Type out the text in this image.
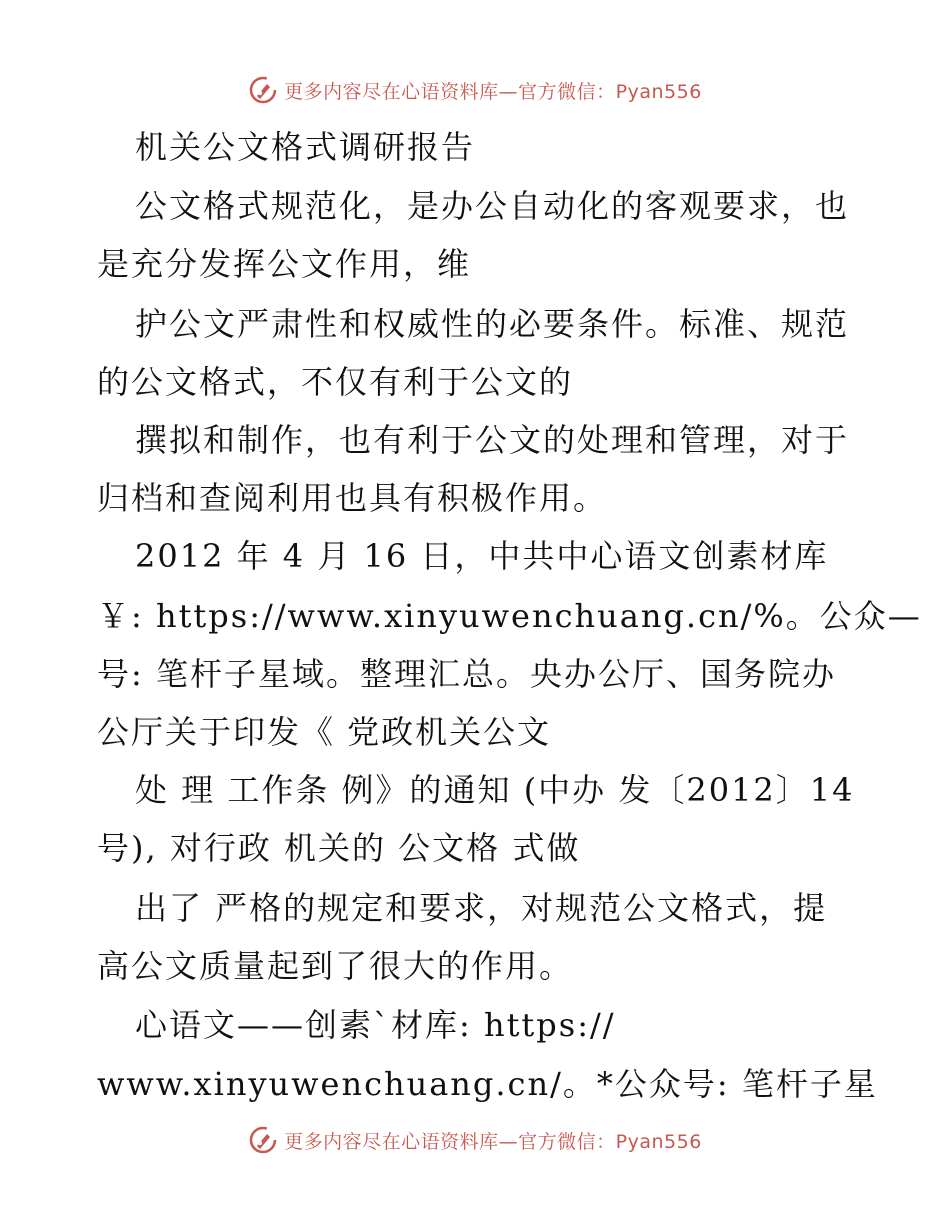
更多内容尽在心语资料库—官方微信：Pyan556
机关公文格式调研报告
公文格式规范化，是办公自动化的客观要求，也
是充分发挥公文作用，维
护公文严肃性和权威性的必要条件。标准、规范
的公文格式，不仅有利于公文的
撰拟和制作，也有利于公文的处理和管理，对于
归档和查阅利用也具有积极作用。
2012 年 4 月 16 日，中共中心语文创素材库
￥: https://www.xinyuwenchuang.cn/%。公众—
号: 笔杆子星域。整理汇总。央办公厅、国务院办
公厅关于印发《 党政机关公文
处 理 工作条 例》的通知 (中办 发〔2012〕14
号), 对行政 机关的 公文格 式做
出了 严格的规定和要求，对规范公文格式，提
高公文质量起到了很大的作用。
心语文——创素`材库: https://
www.xinyuwenchuang.cn/。*公众号: 笔杆子星
更多内容尽在心语资料库—官方微信：Pyan556
